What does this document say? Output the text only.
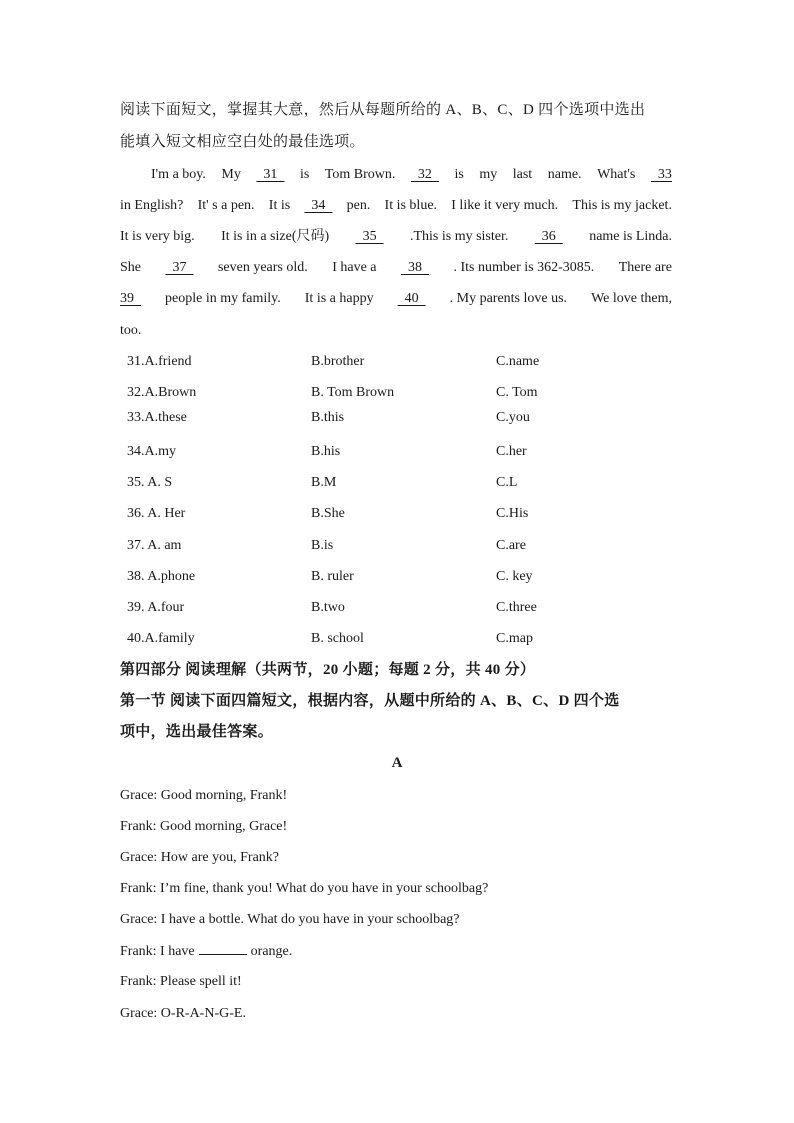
阅读下面短文，掌握其大意，然后从每题所给的 A、B、C、D 四个选项中选出
能填入短文相应空白处的最佳选项。
I'm a boy. My 31 is Tom Brown. 32 is my last name. What's 33
in English? It' s a pen. It is 34 pen. It is blue. I like it very much. This is my jacket.
It is very big. It is in a size(尺码) 35 .This is my sister. 36 name is Linda.
She 37 seven years old. I have a 38 . Its number is 362-3085. There are
39 people in my family. It is a happy 40 . My parents love us. We love them,
too.
31.A.friend	B.brother	C.name
32.A.Brown	B. Tom Brown	C. Tom
33.A.these	B.this	C.you
34.A.my	B.his	C.her
35. A. S	B.M	C.L
36. A. Her	B.She	C.His
37. A. am	B.is	C.are
38. A.phone	B. ruler	C. key
39. A.four	B.two	C.three
40.A.family	B. school	C.map
第四部分 阅读理解（共两节，20 小题；每题 2 分，共 40 分）
第一节 阅读下面四篇短文，根据内容，从题中所给的 A、B、C、D 四个选
项中，选出最佳答案。
A
Grace: Good morning, Frank!
Frank: Good morning, Grace!
Grace: How are you, Frank?
Frank: I’m fine, thank you! What do you have in your schoolbag?
Grace: I have a bottle. What do you have in your schoolbag?
Frank: I have	orange.
Frank: Please spell it!
Grace: O-R-A-N-G-E.
